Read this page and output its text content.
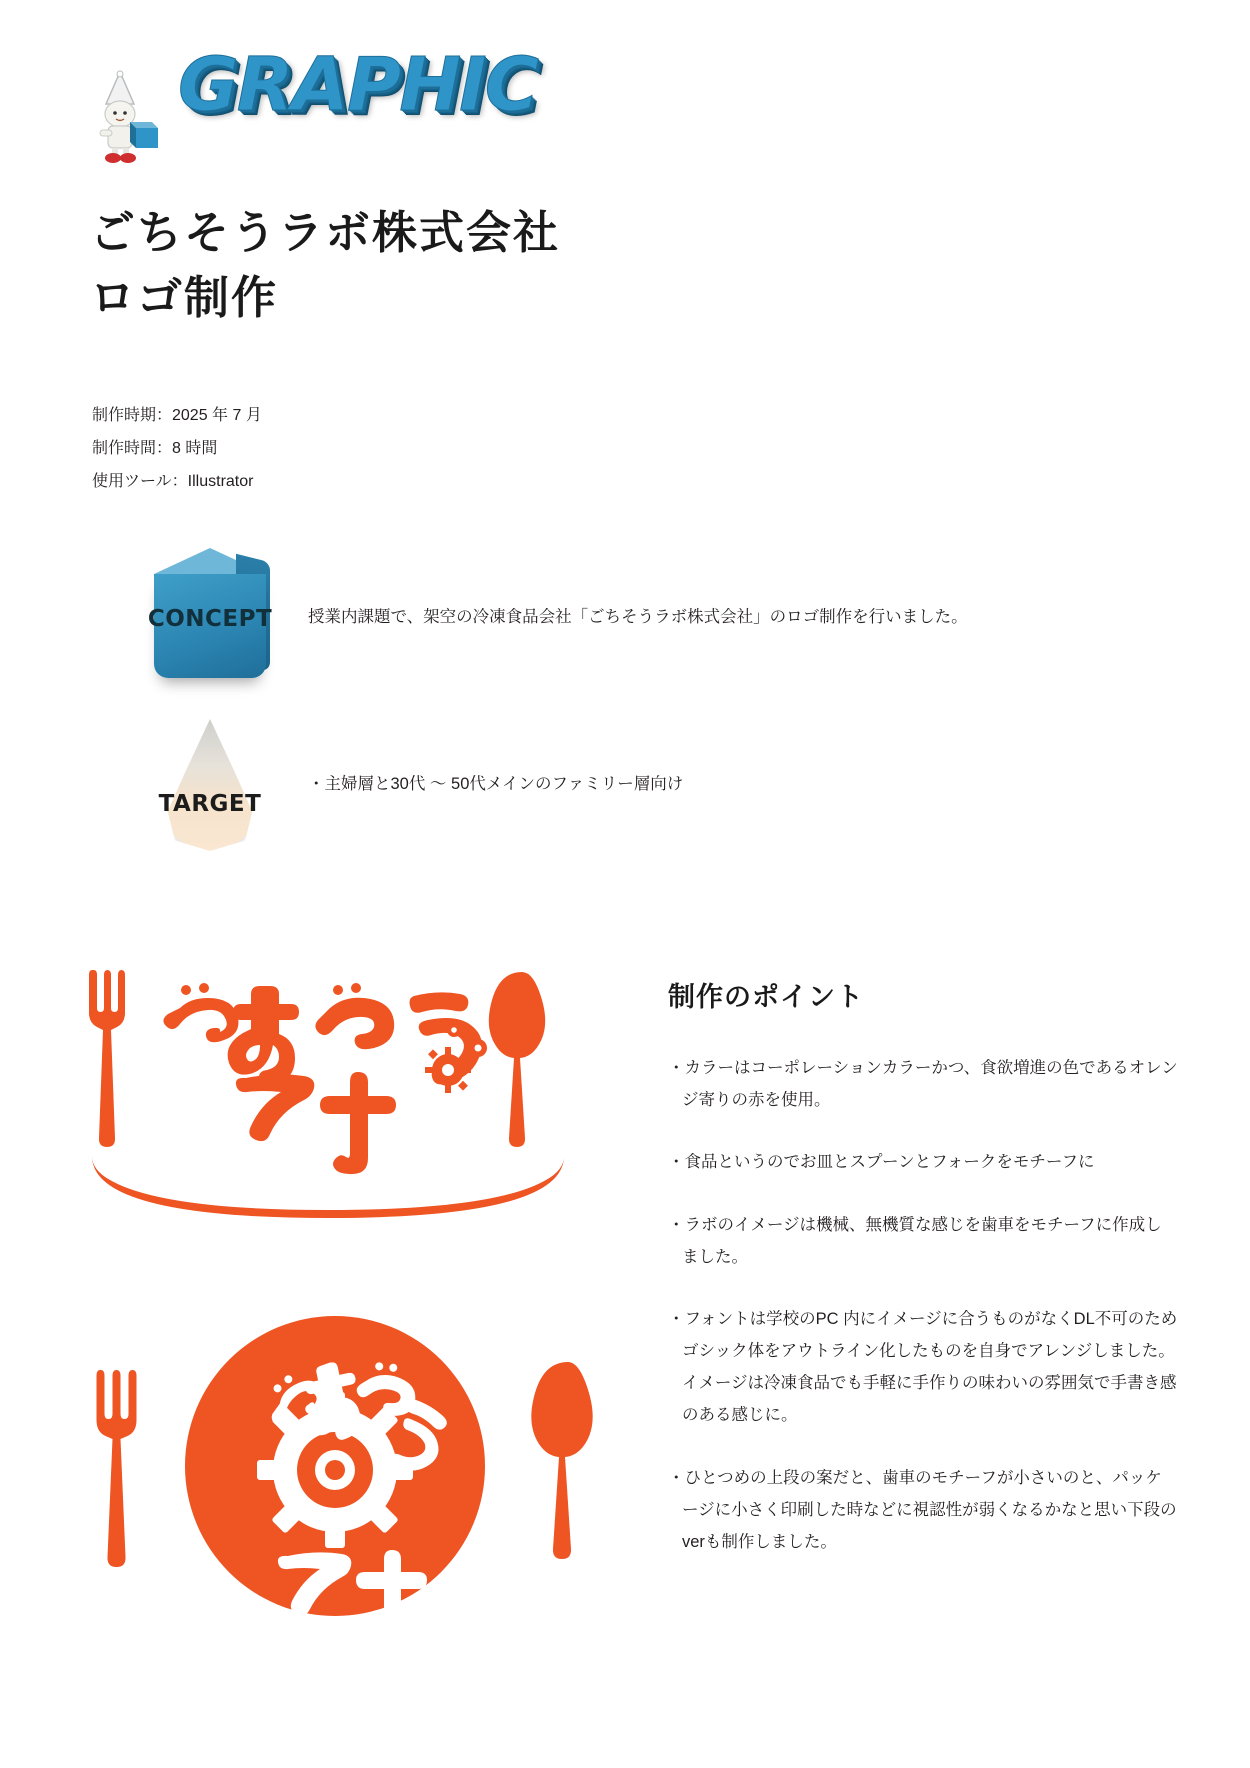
GRAPHIC
ごちそうラボ株式会社
ロゴ制作
制作時期：2025 年 7 月
制作時間：8 時間
使用ツール：Illustrator
CONCEPT	授業内課題で、架空の冷凍食品会社「ごちそうラボ株式会社」のロゴ制作を行いました。
TARGET
・主婦層と30代 〜 50代メインのファミリー層向け
制作のポイント
・カラーはコーポレーションカラーかつ、食欲増進の色であるオレンジ寄りの赤を使用。
・食品というのでお皿とスプーンとフォークをモチーフに
・ラボのイメージは機械、無機質な感じを歯車をモチーフに作成しました。
・フォントは学校のPC 内にイメージに合うものがなくDL不可のためゴシック体をアウトライン化したものを自身でアレンジしました。イメージは冷凍食品でも手軽に手作りの味わいの雰囲気で手書き感のある感じに。
・ひとつめの上段の案だと、歯車のモチーフが小さいのと、パッケージに小さく印刷した時などに視認性が弱くなるかなと思い下段のverも制作しました。
